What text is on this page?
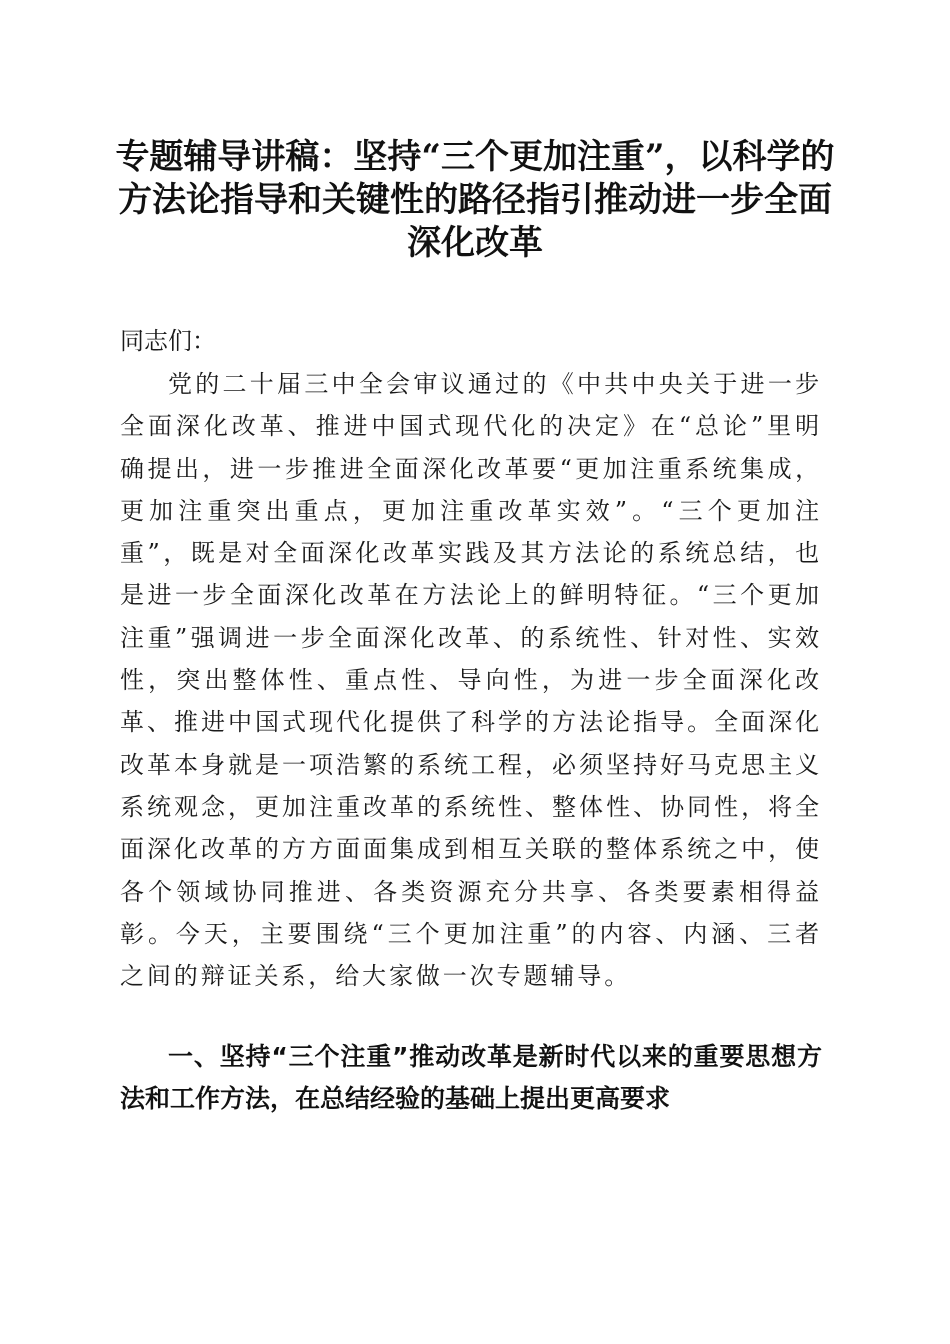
专题辅导讲稿：坚持“三个更加注重”，以科学的方法论指导和关键性的路径指引推动进一步全面深化改革

同志们：

党的二十届三中全会审议通过的《中共中央关于进一步全面深化改革、推进中国式现代化的决定》在“总论”里明确提出，进一步推进全面深化改革要“更加注重系统集成，更加注重突出重点，更加注重改革实效”。“三个更加注重”，既是对全面深化改革实践及其方法论的系统总结，也是进一步全面深化改革在方法论上的鲜明特征。“三个更加注重”强调进一步全面深化改革、的系统性、针对性、实效性，突出整体性、重点性、导向性，为进一步全面深化改革、推进中国式现代化提供了科学的方法论指导。全面深化改革本身就是一项浩繁的系统工程，必须坚持好马克思主义系统观念，更加注重改革的系统性、整体性、协同性，将全面深化改革的方方面面集成到相互关联的整体系统之中，使各个领域协同推进、各类资源充分共享、各类要素相得益彰。今天，主要围绕“三个更加注重”的内容、内涵、三者之间的辩证关系，给大家做一次专题辅导。

一、坚持“三个注重”推动改革是新时代以来的重要思想方法和工作方法，在总结经验的基础上提出更高要求
